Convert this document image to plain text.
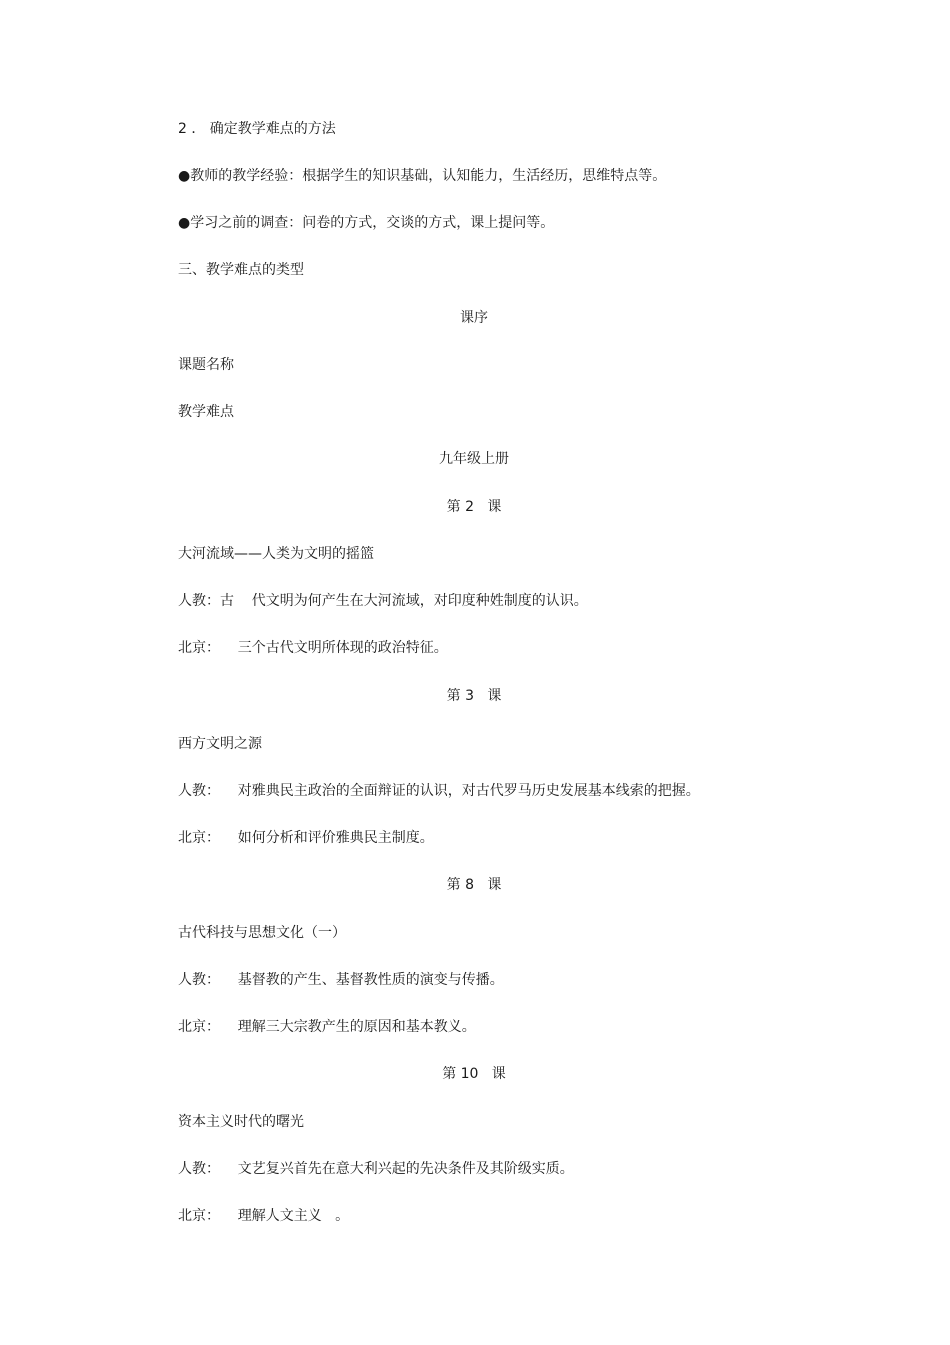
2 ． 确定教学难点的方法
●教师的教学经验：根据学生的知识基础，认知能力，生活经历，思维特点等。
●学习之前的调查：问卷的方式，交谈的方式，课上提问等。
三、教学难点的类型
课序
课题名称
教学难点
九年级上册
第 2   课
大河流域——人类为文明的摇篮
人教：古    代文明为何产生在大河流域，对印度种姓制度的认识。
北京：    三个古代文明所体现的政治特征。
第 3   课
西方文明之源
人教：    对雅典民主政治的全面辩证的认识，对古代罗马历史发展基本线索的把握。
北京：    如何分析和评价雅典民主制度。
第 8   课
古代科技与思想文化（一）
人教：    基督教的产生、基督教性质的演变与传播。
北京：    理解三大宗教产生的原因和基本教义。
第 10   课
资本主义时代的曙光
人教：    文艺复兴首先在意大利兴起的先决条件及其阶级实质。
北京：    理解人文主义   。
